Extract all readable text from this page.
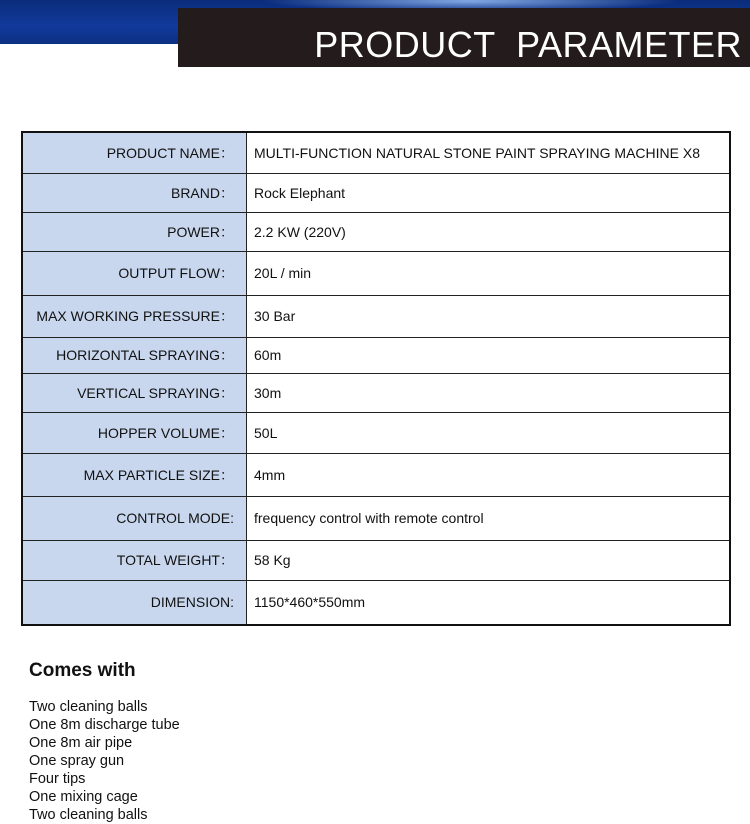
PRODUCT  PARAMETER
PRODUCT NAME：	MULTI-FUNCTION NATURAL STONE PAINT SPRAYING MACHINE X8
BRAND：	Rock Elephant
POWER：	2.2 KW (220V)
OUTPUT FLOW：	20L / min
MAX WORKING PRESSURE：	30 Bar
HORIZONTAL SPRAYING：	60m
VERTICAL SPRAYING：	30m
HOPPER VOLUME：	50L
MAX PARTICLE SIZE：	4mm
CONTROL MODE:	frequency control with remote control
TOTAL WEIGHT：	58 Kg
DIMENSION:	1150*460*550mm
Comes with
Two cleaning balls
One 8m discharge tube
One 8m air pipe
One spray gun
Four tips
One mixing cage
Two cleaning balls
